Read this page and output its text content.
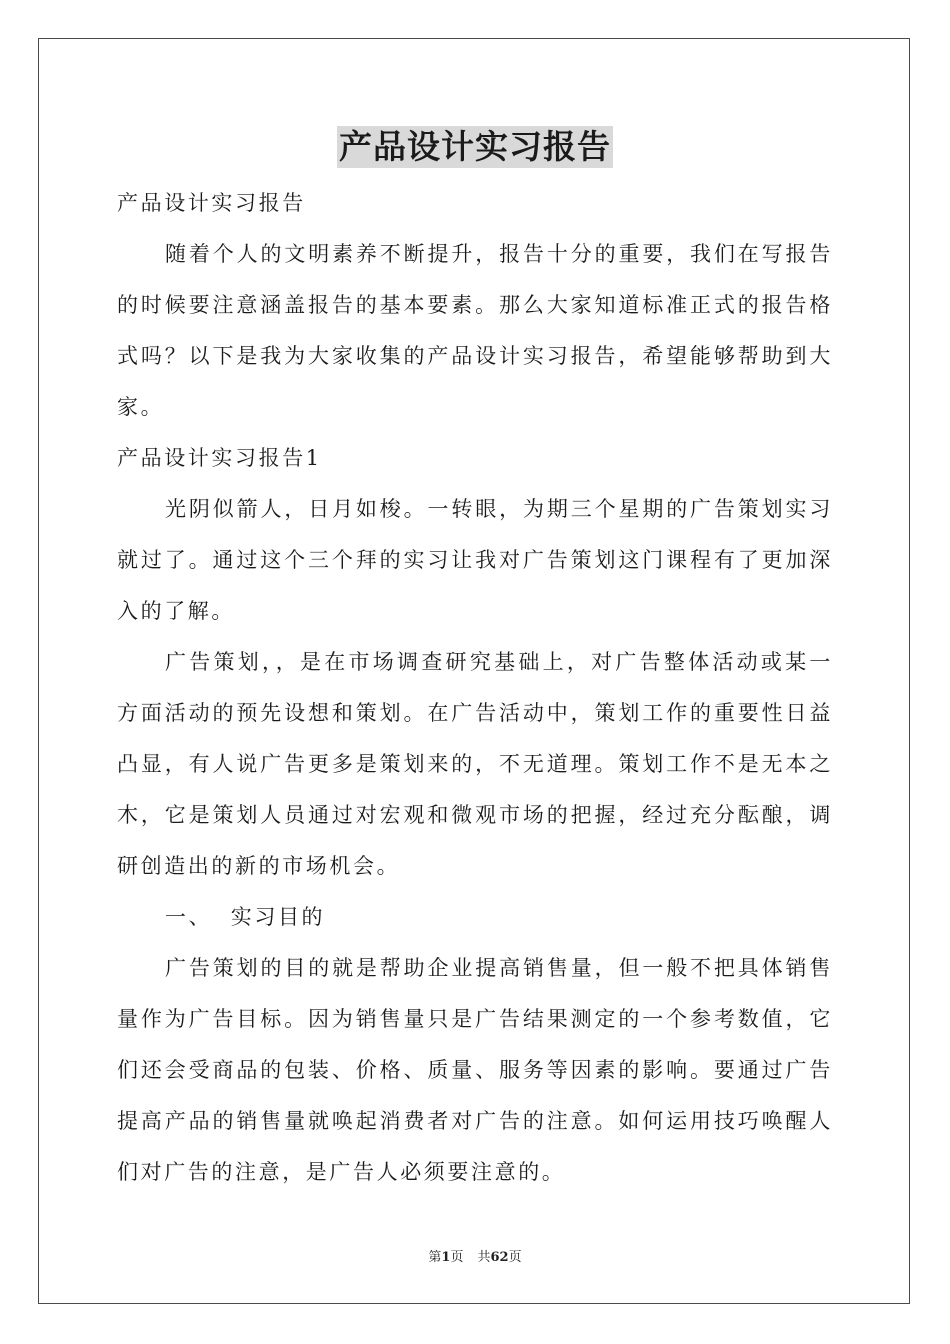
产品设计实习报告

产品设计实习报告

随着个人的文明素养不断提升，报告十分的重要，我们在写报告的时候要注意涵盖报告的基本要素。那么大家知道标准正式的报告格式吗？以下是我为大家收集的产品设计实习报告，希望能够帮助到大家。

产品设计实习报告1

光阴似箭人，日月如梭。一转眼，为期三个星期的广告策划实习就过了。通过这个三个拜的实习让我对广告策划这门课程有了更加深入的了解。

广告策划，，是在市场调查研究基础上，对广告整体活动或某一方面活动的预先设想和策划。在广告活动中，策划工作的重要性日益凸显，有人说广告更多是策划来的，不无道理。策划工作不是无本之木，它是策划人员通过对宏观和微观市场的把握，经过充分酝酿，调研创造出的新的市场机会。

一、  实习目的

广告策划的目的就是帮助企业提高销售量，但一般不把具体销售量作为广告目标。因为销售量只是广告结果测定的一个参考数值，它们还会受商品的包装、价格、质量、服务等因素的影响。要通过广告提高产品的销售量就唤起消费者对广告的注意。如何运用技巧唤醒人们对广告的注意，是广告人必须要注意的。

第1页 共62页
